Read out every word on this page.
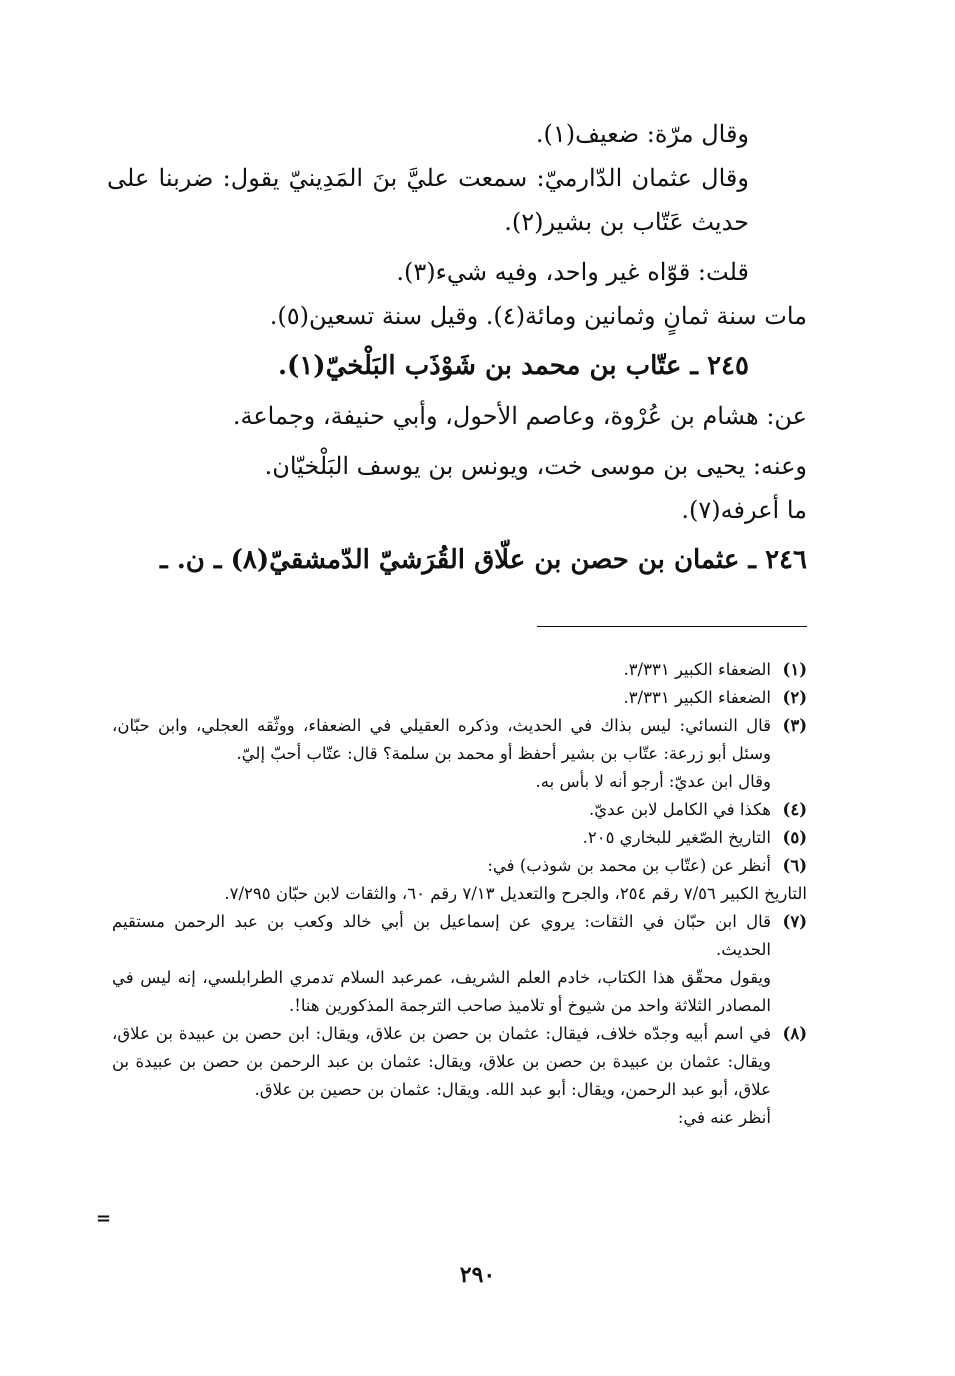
وقال مرّة: ضعيف(١).

وقال عثمان الدّارميّ: سمعت عليَّ بنَ المَدِينيّ يقول: ضربنا على حديث عَتّاب بن بشير(٢).

قلت: قوّاه غير واحد، وفيه شيء(٣).

مات سنة ثمانٍ وثمانين ومائة(٤). وقيل سنة تسعين(٥).

٢٤٥ ـ عتّاب بن محمد بن شَوْذَب البَلْخيّ(١).

عن: هشام بن عُرْوة، وعاصم الأحول، وأبي حنيفة، وجماعة.

وعنه: يحيى بن موسى خت، ويونس بن يوسف البَلْخيّان.

ما أعرفه(٧).

٢٤٦ ـ عثمان بن حصن بن علّاق القُرَشيّ الدّمشقيّ(٨) ـ ن. ـ

(١)
الضعفاء الكبير ٣/٣٣١.
(٢)
الضعفاء الكبير ٣/٣٣١.
(٣)
قال النسائي: ليس بذاك في الحديث، وذكره العقيلي في الضعفاء، ووثّقه العجلي، وابن حبّان، وسئل أبو زرعة: عتّاب بن بشير أحفظ أو محمد بن سلمة؟ قال: عتّاب أحبّ إليّ.

وقال ابن عديّ: أرجو أنه لا بأس به.

(٤)
هكذا في الكامل لابن عديّ.
(٥)
التاريخ الصّغير للبخاري ٢٠٥.
(٦)
أنظر عن (عتّاب بن محمد بن شوذب) في:

التاريخ الكبير ٧/٥٦ رقم ٢٥٤، والجرح والتعديل ٧/١٣ رقم ٦٠، والثقات لابن حبّان ٧/٢٩٥.

(٧)
قال ابن حبّان في الثقات: يروي عن إسماعيل بن أبي خالد وكعب بن عبد الرحمن مستقيم الحديث.

ويقول محقّق هذا الكتاب، خادم العلم الشريف، عمرعبد السلام تدمري الطرابلسي، إنه ليس في المصادر الثلاثة واحد من شيوخ أو تلاميذ صاحب الترجمة المذكورين هنا!.

(٨)
في اسم أبيه وجدّه خلاف، فيقال: عثمان بن حصن بن علاق، ويقال: ابن حصن بن عبيدة بن علاق، ويقال: عثمان بن عبيدة بن حصن بن علاق، ويقال: عثمان بن عبد الرحمن بن حصن بن عبيدة بن علاق، أبو عبد الرحمن، ويقال: أبو عبد الله. ويقال: عثمان بن حصين بن علاق.

أنظر عنه في:

=
٢٩٠
